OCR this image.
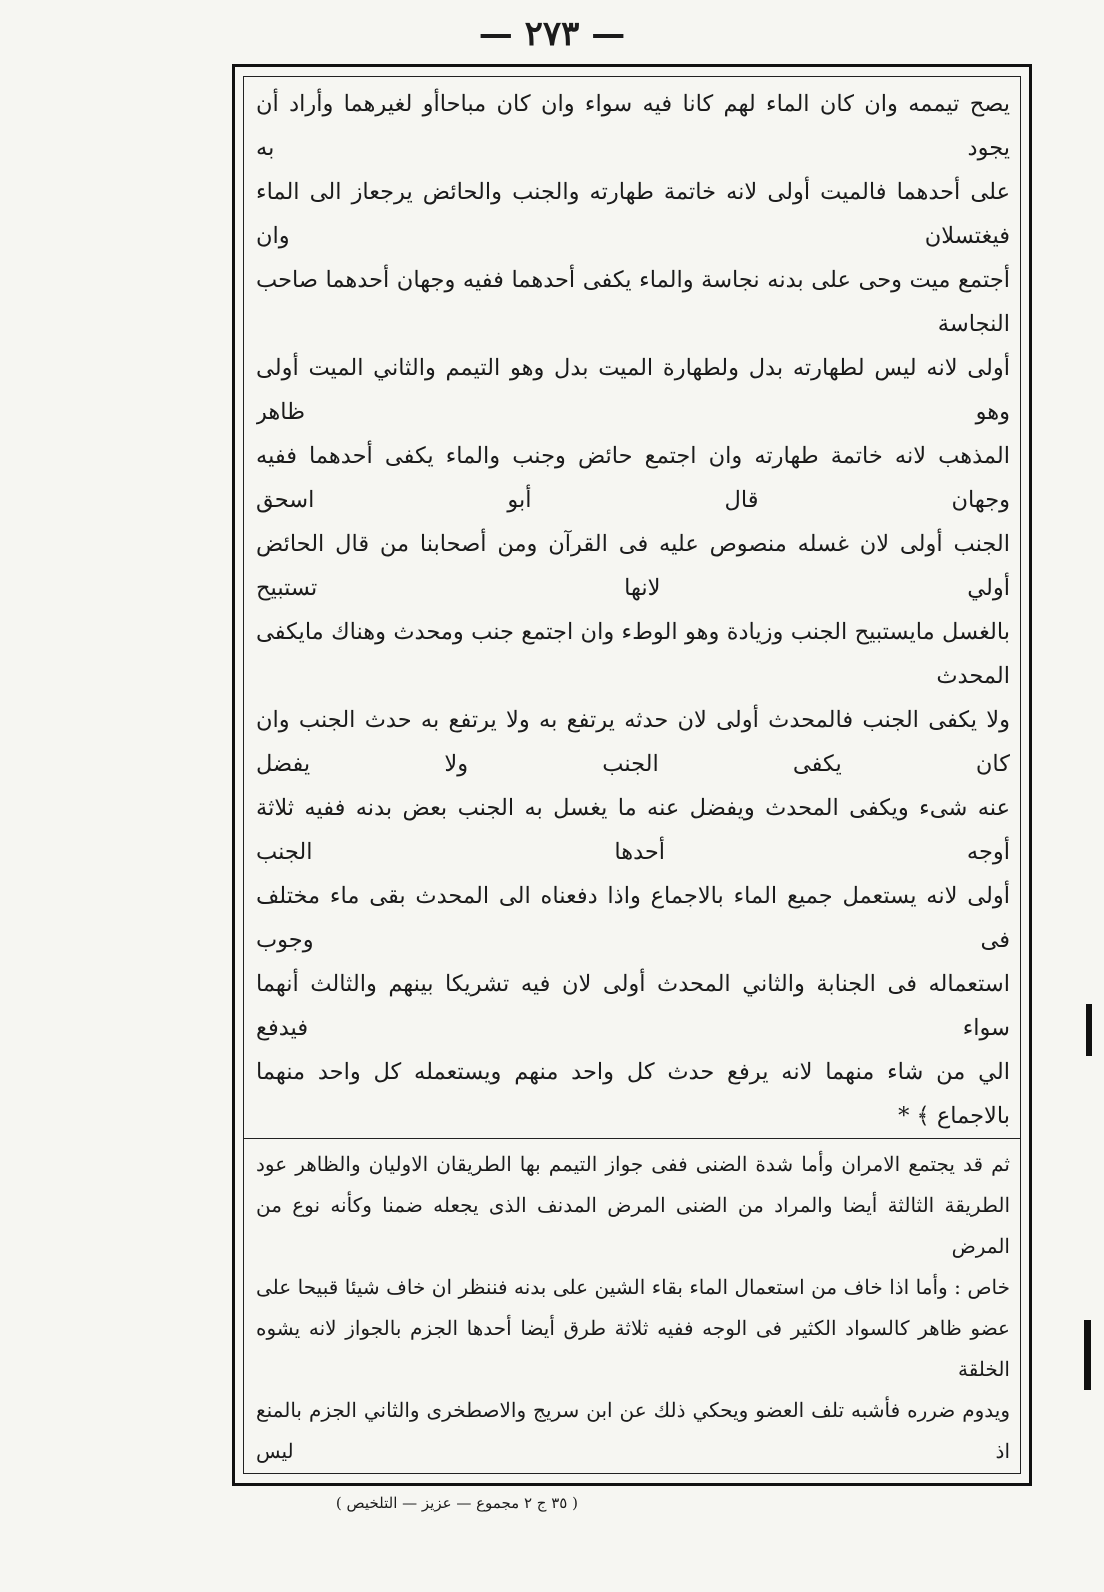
— ٢٧٣ —

يصح تيممه وان كان الماء لهم كانا فيه سواء وان كان مباحاأو لغيرهما وأراد أن يجود به

على أحدهما فالميت أولى لانه خاتمة طهارته والجنب والحائض يرجعاز الى الماء فيغتسلان وان

أجتمع ميت وحى على بدنه نجاسة والماء يكفى أحدهما ففيه وجهان أحدهما صاحب النجاسة

أولى لانه ليس لطهارته بدل ولطهارة الميت بدل وهو التيمم والثاني الميت أولى وهو ظاهر

المذهب لانه خاتمة طهارته وان اجتمع حائض وجنب والماء يكفى أحدهما ففيه وجهان قال أبو اسحق

الجنب أولى لان غسله منصوص عليه فى القرآن ومن أصحابنا من قال الحائض أولي لانها تستبيح

بالغسل مايستبيح الجنب وزيادة وهو الوطء وان اجتمع جنب ومحدث وهناك مايكفى المحدث

ولا يكفى الجنب فالمحدث أولى لان حدثه يرتفع به ولا يرتفع به حدث الجنب وان كان يكفى الجنب ولا يفضل

عنه شىء ويكفى المحدث ويفضل عنه ما يغسل به الجنب بعض بدنه ففيه ثلاثة أوجه أحدها الجنب

أولى لانه يستعمل جميع الماء بالاجماع واذا دفعناه الى المحدث بقى ماء مختلف فى وجوب

استعماله فى الجنابة والثاني المحدث أولى لان فيه تشريكا بينهم والثالث أنهما سواء فيدفع

الي من شاء منهما لانه يرفع حدث كل واحد منهم ويستعمله كل واحد منهما بالاجماع ﴾ *

ثم قد يجتمع الامران وأما شدة الضنى ففى جواز التيمم بها الطريقان الاوليان والظاهر عود

الطريقة الثالثة أيضا والمراد من الضنى المرض المدنف الذى يجعله ضمنا وكأنه نوع من المرض

خاص : وأما اذا خاف من استعمال الماء بقاء الشين على بدنه فننظر ان خاف شيئا قبيحا على

عضو ظاهر كالسواد الكثير فى الوجه ففيه ثلاثة طرق أيضا أحدها الجزم بالجواز لانه يشوه الخلقة

ويدوم ضرره فأشبه تلف العضو ويحكي ذلك عن ابن سريج والاصطخرى والثاني الجزم بالمنع اذ ليس

( ٣٥ ج ٢ مجموع — عزيز — التلخيص )
